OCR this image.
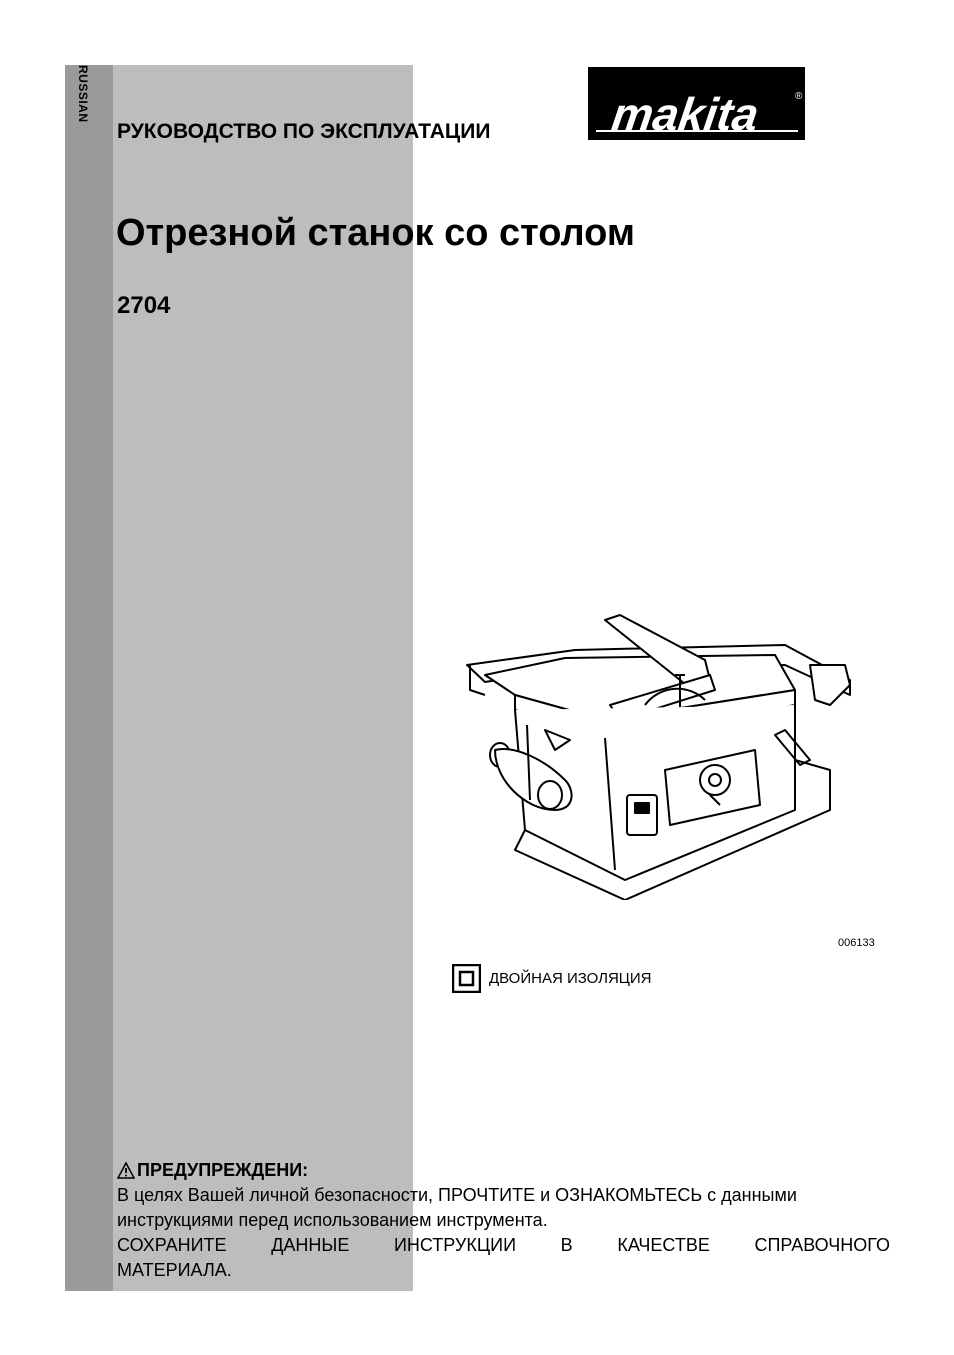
RUSSIAN
РУКОВОДСТВО ПО ЭКСПЛУАТАЦИИ	makita	®
Отрезной станок со столом
2704
006133
ДВОЙНАЯ ИЗОЛЯЦИЯ
ПРЕДУПРЕЖДЕНИ:
В целях Вашей личной безопасности, ПРОЧТИТЕ и ОЗНАКОМЬТЕСЬ с данными
инструкциями перед использованием инструмента.
СОХРАНИТЕ ДАННЫЕ ИНСТРУКЦИИ В КАЧЕСТВЕ СПРАВОЧНОГО
МАТЕРИАЛА.
